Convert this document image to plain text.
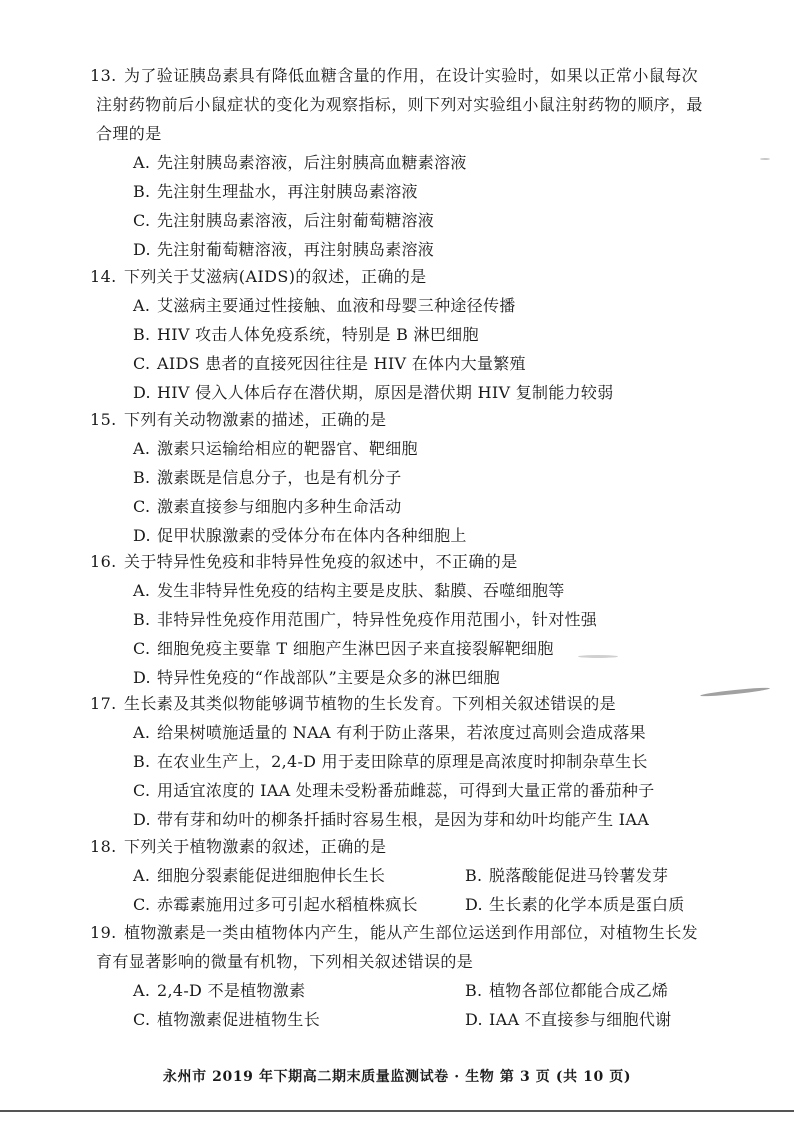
13. 为了验证胰岛素具有降低血糖含量的作用，在设计实验时，如果以正常小鼠每次注射药物前后小鼠症状的变化为观察指标，则下列对实验组小鼠注射药物的顺序，最合理的是
A. 先注射胰岛素溶液，后注射胰高血糖素溶液
B. 先注射生理盐水，再注射胰岛素溶液
C. 先注射胰岛素溶液，后注射葡萄糖溶液
D. 先注射葡萄糖溶液，再注射胰岛素溶液
14. 下列关于艾滋病(AIDS)的叙述，正确的是
A. 艾滋病主要通过性接触、血液和母婴三种途径传播
B. HIV 攻击人体免疫系统，特别是 B 淋巴细胞
C. AIDS 患者的直接死因往往是 HIV 在体内大量繁殖
D. HIV 侵入人体后存在潜伏期，原因是潜伏期 HIV 复制能力较弱
15. 下列有关动物激素的描述，正确的是
A. 激素只运输给相应的靶器官、靶细胞
B. 激素既是信息分子，也是有机分子
C. 激素直接参与细胞内多种生命活动
D. 促甲状腺激素的受体分布在体内各种细胞上
16. 关于特异性免疫和非特异性免疫的叙述中，不正确的是
A. 发生非特异性免疫的结构主要是皮肤、黏膜、吞噬细胞等
B. 非特异性免疫作用范围广，特异性免疫作用范围小，针对性强
C. 细胞免疫主要靠 T 细胞产生淋巴因子来直接裂解靶细胞
D. 特异性免疫的“作战部队”主要是众多的淋巴细胞
17. 生长素及其类似物能够调节植物的生长发育。下列相关叙述错误的是
A. 给果树喷施适量的 NAA 有利于防止落果，若浓度过高则会造成落果
B. 在农业生产上，2,4-D 用于麦田除草的原理是高浓度时抑制杂草生长
C. 用适宜浓度的 IAA 处理未受粉番茄雌蕊，可得到大量正常的番茄种子
D. 带有芽和幼叶的柳条扦插时容易生根，是因为芽和幼叶均能产生 IAA
18. 下列关于植物激素的叙述，正确的是
A. 细胞分裂素能促进细胞伸长生长	B. 脱落酸能促进马铃薯发芽
C. 赤霉素施用过多可引起水稻植株疯长	D. 生长素的化学本质是蛋白质
19. 植物激素是一类由植物体内产生，能从产生部位运送到作用部位，对植物生长发育有显著影响的微量有机物，下列相关叙述错误的是
A. 2,4-D 不是植物激素	B. 植物各部位都能合成乙烯
C. 植物激素促进植物生长	D. IAA 不直接参与细胞代谢
永州市 2019 年下期高二期末质量监测试卷 · 生物 第 3 页 (共 10 页)
